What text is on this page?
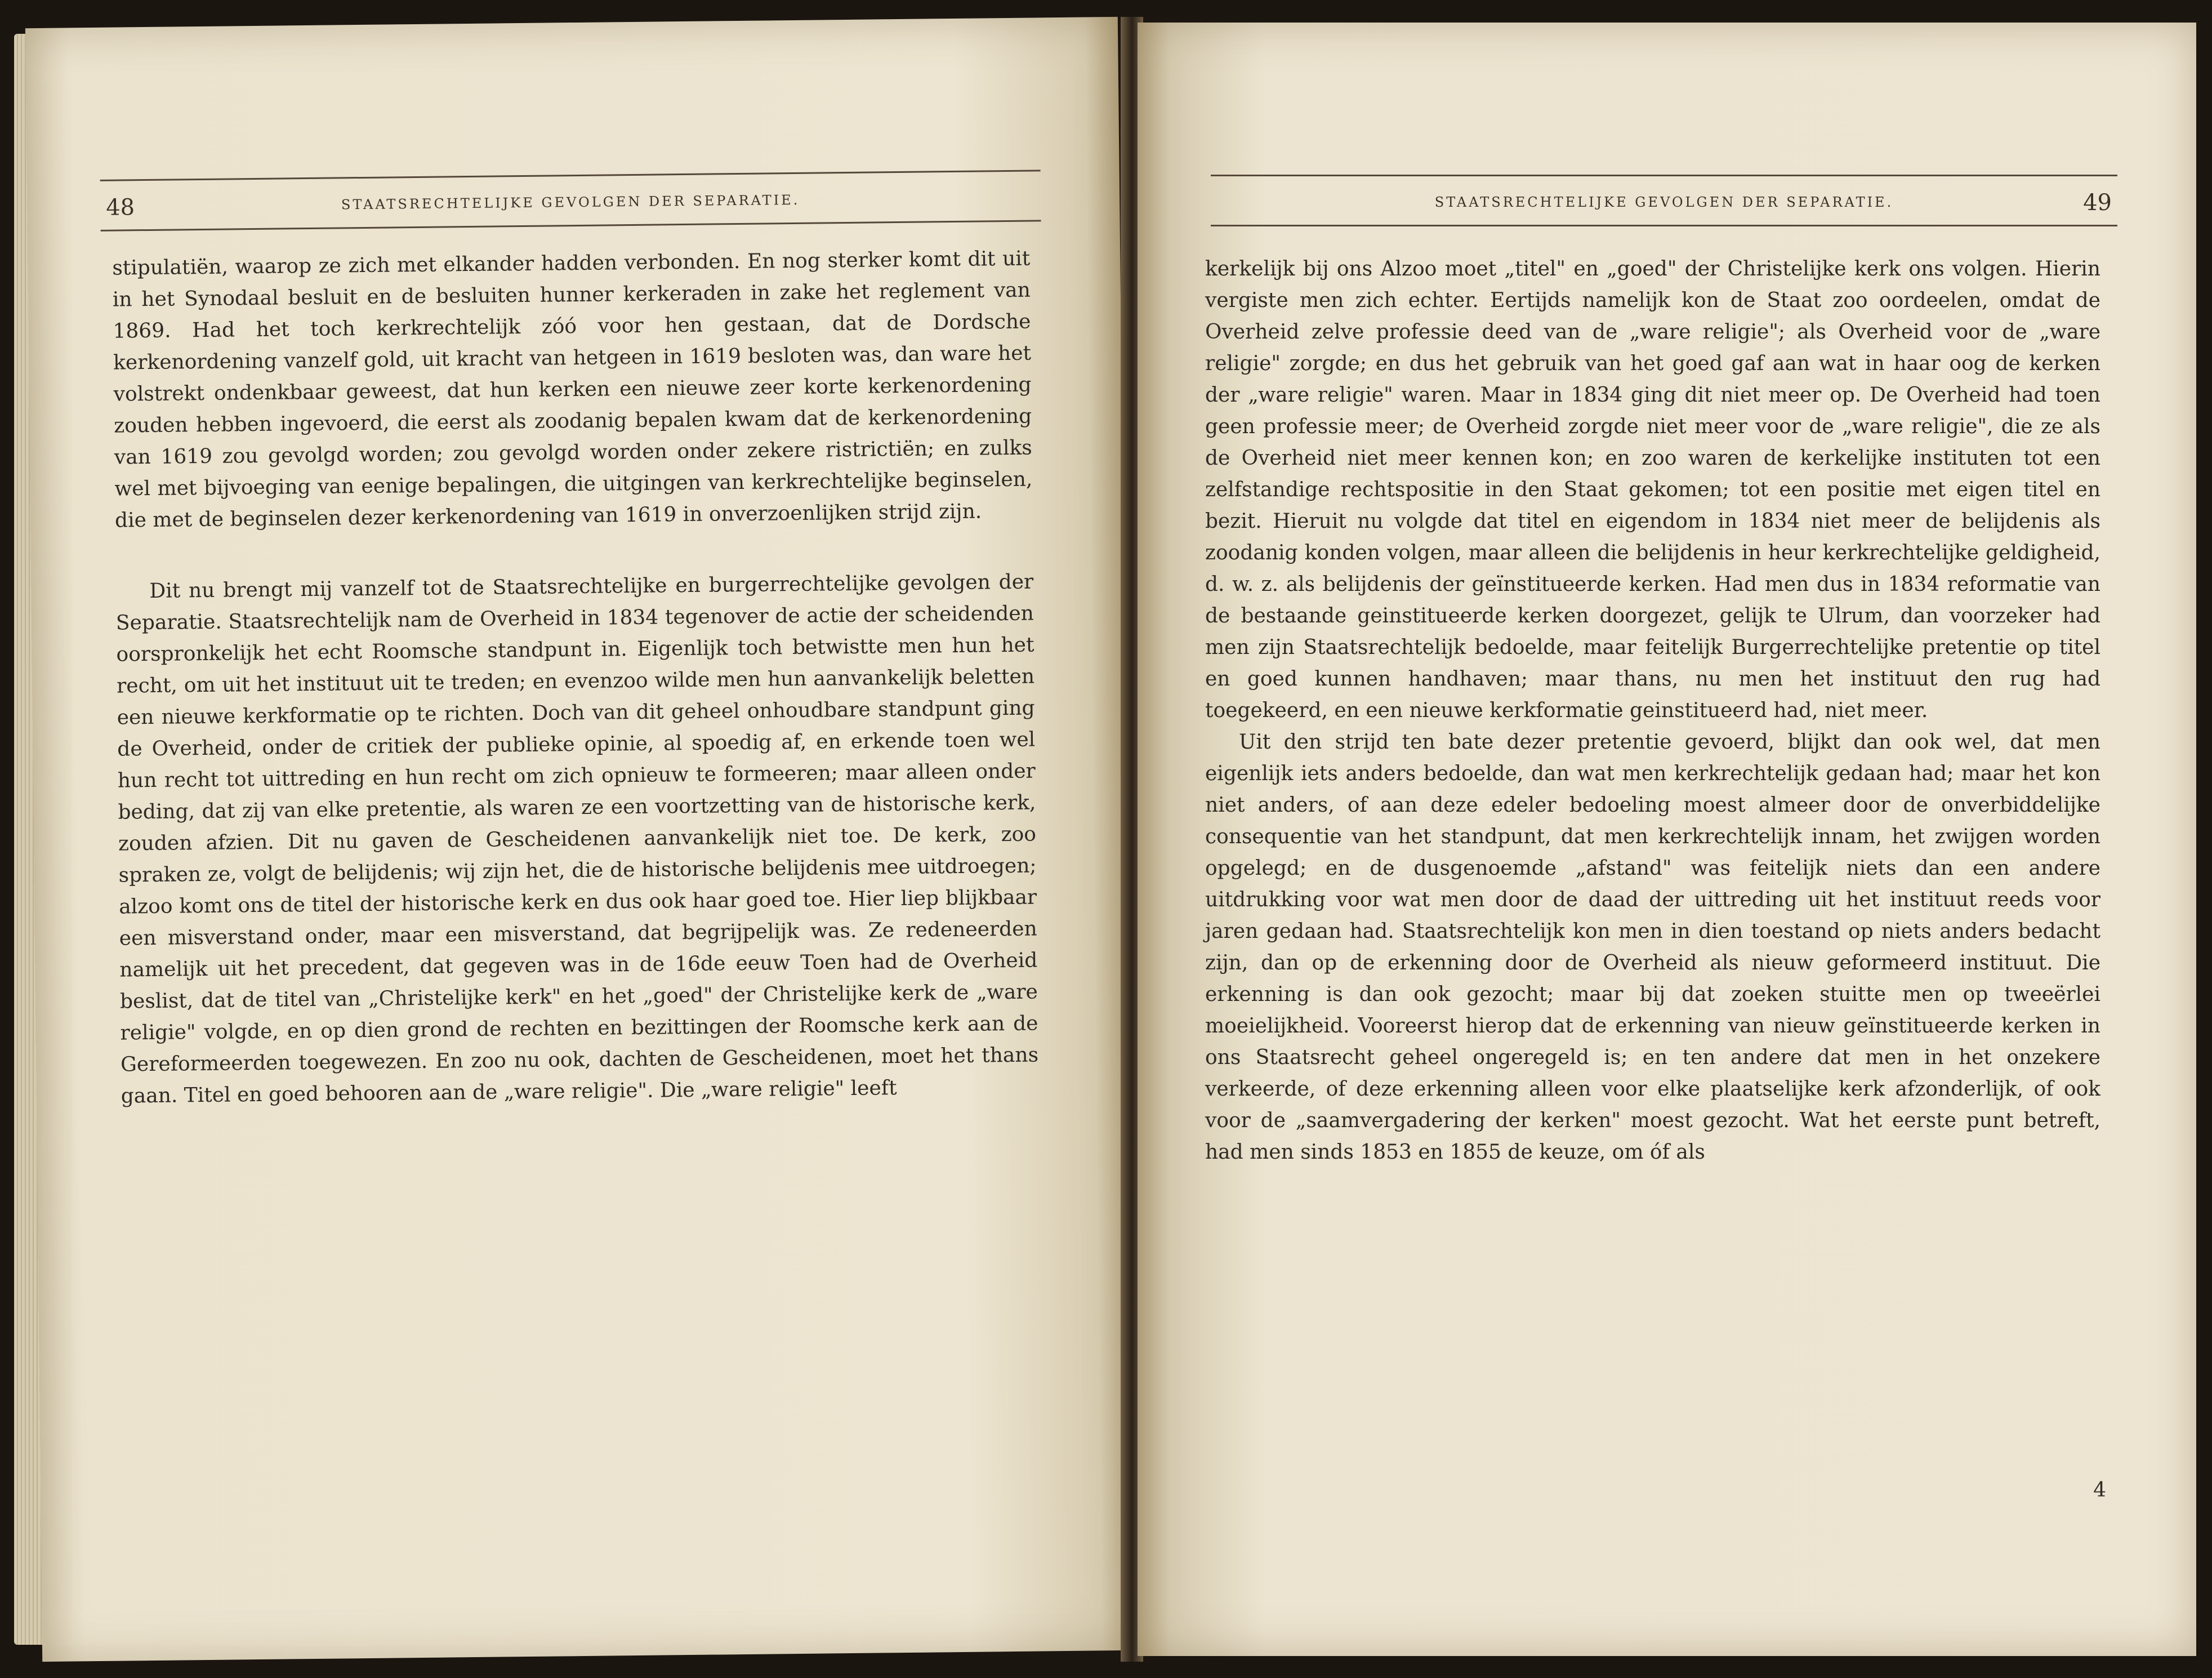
48	STAATSRECHTELIJKE GEVOLGEN DER SEPARATIE.

stipulatiën, waarop ze zich met elkander hadden verbonden. En nog sterker komt dit uit in het Synodaal besluit en de besluiten hunner kerkeraden in zake het reglement van 1869. Had het toch kerkrechtelijk zóó voor hen gestaan, dat de Dordsche kerkenordening vanzelf gold, uit kracht van hetgeen in 1619 besloten was, dan ware het volstrekt ondenkbaar geweest, dat hun kerken een nieuwe zeer korte kerkenordening zouden hebben ingevoerd, die eerst als zoodanig bepalen kwam dat de kerkenordening van 1619 zou gevolgd worden; zou gevolgd worden onder zekere ristrictiën; en zulks wel met bijvoeging van eenige bepalingen, die uitgingen van kerkrechtelijke beginselen, die met de beginselen dezer kerkenordening van 1619 in onverzoenlijken strijd zijn.

Dit nu brengt mij vanzelf tot de Staatsrechtelijke en burgerrechtelijke gevolgen der Separatie. Staatsrechtelijk nam de Overheid in 1834 tegenover de actie der scheidenden oorspronkelijk het echt Roomsche standpunt in. Eigenlijk toch betwistte men hun het recht, om uit het instituut uit te treden; en evenzoo wilde men hun aanvankelijk beletten een nieuwe kerkformatie op te richten. Doch van dit geheel onhoudbare standpunt ging de Overheid, onder de critiek der publieke opinie, al spoedig af, en erkende toen wel hun recht tot uittreding en hun recht om zich opnieuw te formeeren; maar alleen onder beding, dat zij van elke pretentie, als waren ze een voortzetting van de historische kerk, zouden afzien. Dit nu gaven de Gescheidenen aanvankelijk niet toe. De kerk, zoo spraken ze, volgt de belijdenis; wij zijn het, die de historische belijdenis mee uitdroegen; alzoo komt ons de titel der historische kerk en dus ook haar goed toe. Hier liep blijkbaar een misverstand onder, maar een misverstand, dat begrijpelijk was. Ze redeneerden namelijk uit het precedent, dat gegeven was in de 16de eeuw Toen had de Overheid beslist, dat de titel van „Christelijke kerk" en het „goed" der Christelijke kerk de „ware religie" volgde, en op dien grond de rechten en bezittingen der Roomsche kerk aan de Gereformeerden toegewezen. En zoo nu ook, dachten de Gescheidenen, moet het thans gaan. Titel en goed behooren aan de „ware religie". Die „ware religie" leeft

STAATSRECHTELIJKE GEVOLGEN DER SEPARATIE.	49

kerkelijk bij ons Alzoo moet „titel" en „goed" der Christelijke kerk ons volgen. Hierin vergiste men zich echter. Eertijds namelijk kon de Staat zoo oordeelen, omdat de Overheid zelve professie deed van de „ware religie"; als Overheid voor de „ware religie" zorgde; en dus het gebruik van het goed gaf aan wat in haar oog de kerken der „ware religie" waren. Maar in 1834 ging dit niet meer op. De Overheid had toen geen professie meer; de Overheid zorgde niet meer voor de „ware religie", die ze als de Overheid niet meer kennen kon; en zoo waren de kerkelijke instituten tot een zelfstandige rechtspositie in den Staat gekomen; tot een positie met eigen titel en bezit. Hieruit nu volgde dat titel en eigendom in 1834 niet meer de belijdenis als zoodanig konden volgen, maar alleen die belijdenis in heur kerkrechtelijke geldigheid, d. w. z. als belijdenis der geïnstitueerde kerken. Had men dus in 1834 reformatie van de bestaande geinstitueerde kerken doorgezet, gelijk te Ulrum, dan voorzeker had men zijn Staatsrechtelijk bedoelde, maar feitelijk Burgerrechtelijke pretentie op titel en goed kunnen handhaven; maar thans, nu men het instituut den rug had toegekeerd, en een nieuwe kerkformatie geinstitueerd had, niet meer.

Uit den strijd ten bate dezer pretentie gevoerd, blijkt dan ook wel, dat men eigenlijk iets anders bedoelde, dan wat men kerkrechtelijk gedaan had; maar het kon niet anders, of aan deze edeler bedoeling moest almeer door de onverbiddelijke consequentie van het standpunt, dat men kerkrechtelijk innam, het zwijgen worden opgelegd; en de dusgenoemde „afstand" was feitelijk niets dan een andere uitdrukking voor wat men door de daad der uittreding uit het instituut reeds voor jaren gedaan had. Staatsrechtelijk kon men in dien toestand op niets anders bedacht zijn, dan op de erkenning door de Overheid als nieuw geformeerd instituut. Die erkenning is dan ook gezocht; maar bij dat zoeken stuitte men op tweeërlei moeielijkheid. Vooreerst hierop dat de erkenning van nieuw geïnstitueerde kerken in ons Staatsrecht geheel ongeregeld is; en ten andere dat men in het onzekere verkeerde, of deze erkenning alleen voor elke plaatselijke kerk afzonderlijk, of ook voor de „saamvergadering der kerken" moest gezocht. Wat het eerste punt betreft, had men sinds 1853 en 1855 de keuze, om óf als

4
